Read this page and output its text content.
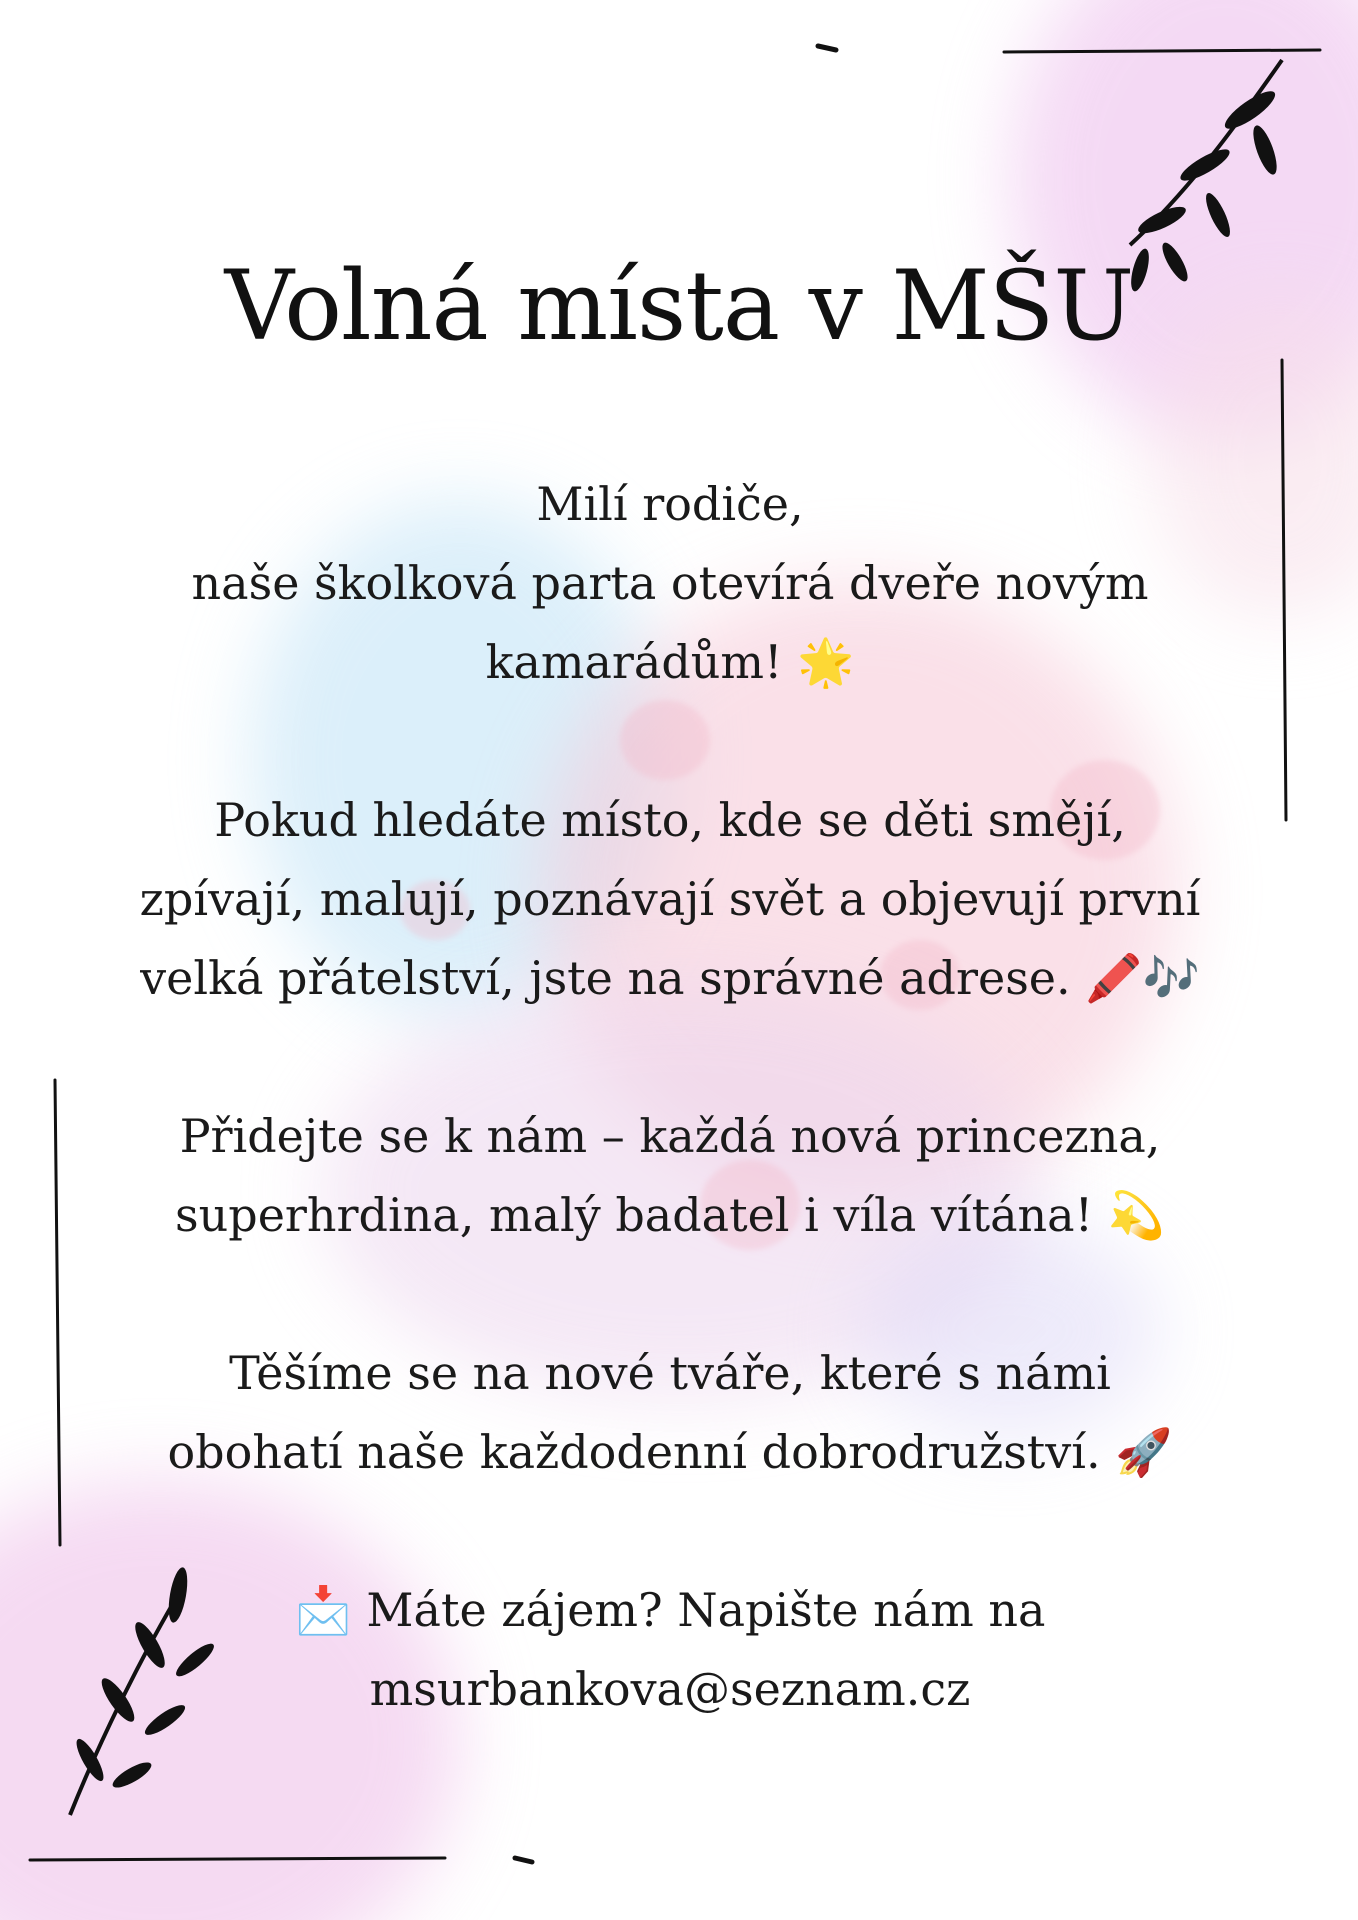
Volná místa v MŠU

Milí rodiče,
naše školková parta otevírá dveře novým
kamarádům! 🌟

Pokud hledáte místo, kde se děti smějí,
zpívají, malují, poznávají svět a objevují první
velká přátelství, jste na správné adrese. 🖍️🎶

Přidejte se k nám – každá nová princezna,
superhrdina, malý badatel i víla vítána! 💫

Těšíme se na nové tváře, které s námi
obohatí naše každodenní dobrodružství. 🚀

📩 Máte zájem? Napište nám na
msurbankova@seznam.cz
